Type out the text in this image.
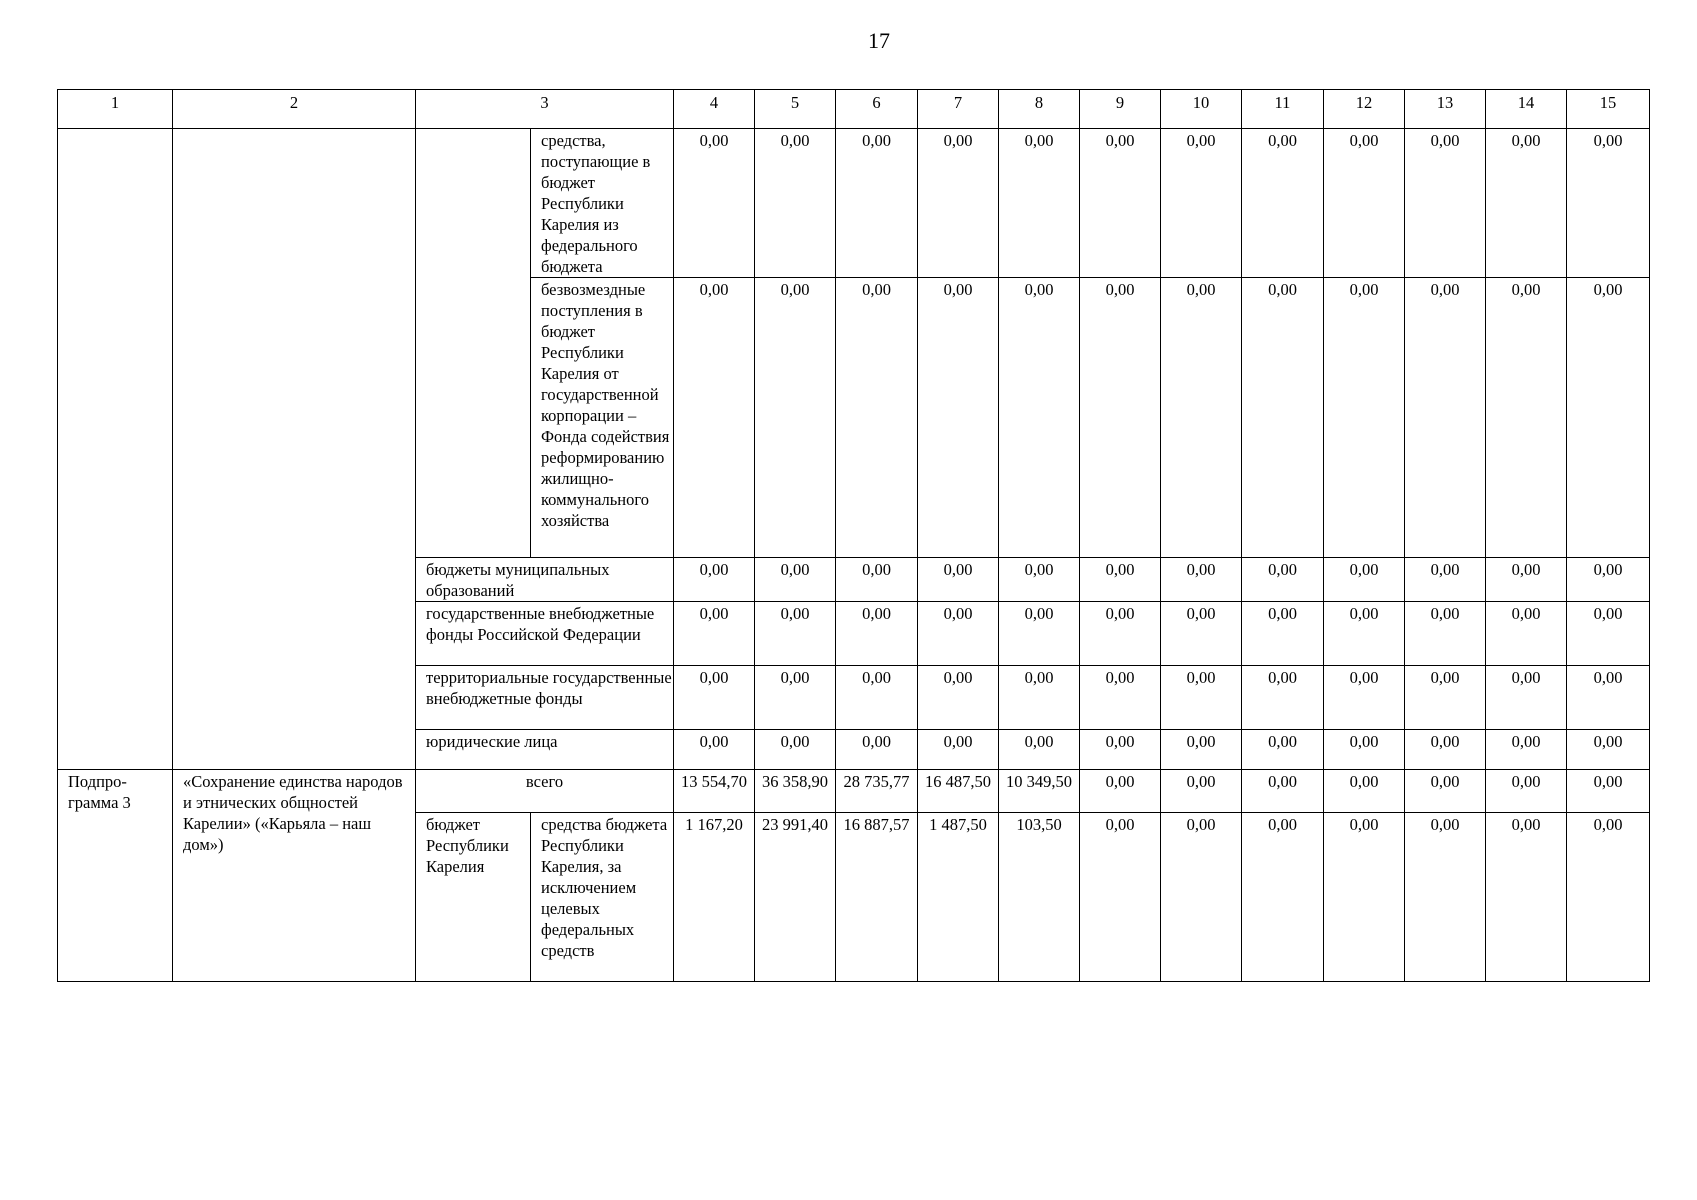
17
1	2	3		4	5	6	7	8	9	10	11	12	13	14	15
			средства, поступающие в бюджет Республики Карелия из федерального бюджета	0,00	0,00	0,00	0,00	0,00	0,00	0,00	0,00	0,00	0,00	0,00	0,00
			безвозмездные поступления в бюджет Республики Карелия от государственной корпорации – Фонда содействия реформированию жилищно-коммунального хозяйства	0,00	0,00	0,00	0,00	0,00	0,00	0,00	0,00	0,00	0,00	0,00	0,00
		бюджеты муниципальных образований		0,00	0,00	0,00	0,00	0,00	0,00	0,00	0,00	0,00	0,00	0,00	0,00
		государственные внебюджетные фонды Российской Федерации		0,00	0,00	0,00	0,00	0,00	0,00	0,00	0,00	0,00	0,00	0,00	0,00
		территориальные государственные внебюджетные фонды		0,00	0,00	0,00	0,00	0,00	0,00	0,00	0,00	0,00	0,00	0,00	0,00
		юридические лица		0,00	0,00	0,00	0,00	0,00	0,00	0,00	0,00	0,00	0,00	0,00	0,00
Подпро-грамма 3	«Сохранение единства народов и этнических общностей Карелии» («Карьяла – наш дом»)	всего		13 554,70	36 358,90	28 735,77	16 487,50	10 349,50	0,00	0,00	0,00	0,00	0,00	0,00	0,00
		бюджет Республики Карелия	средства бюджета Республики Карелия, за исключением целевых федеральных средств	1 167,20	23 991,40	16 887,57	1 487,50	103,50	0,00	0,00	0,00	0,00	0,00	0,00	0,00
